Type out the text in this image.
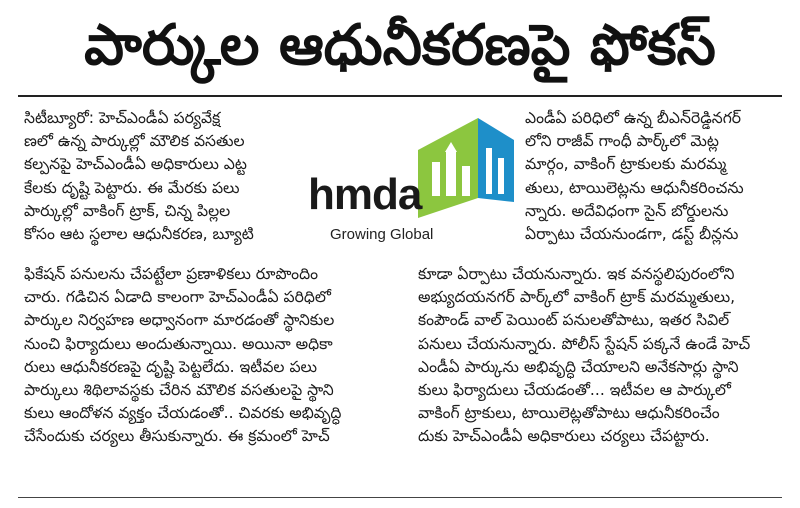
పార్కుల ఆధునీకరణపై ఫోకస్
సిటీబ్యూరో: హెచ్ఎండీఏ పర్యవేక్ష
ణలో ఉన్న పార్కుల్లో మౌలిక వసతుల
కల్పనపై హెచ్ఎండీఏ అధికారులు ఎట్ట
కేలకు దృష్టి పెట్టారు. ఈ మేరకు పలు
పార్కుల్లో వాకింగ్ ట్రాక్, చిన్న పిల్లల
కోసం ఆట స్థలాల ఆధునీకరణ, బ్యూటి
ఫికేషన్ పనులను చేపట్టేలా ప్రణాళికలు రూపొందిం
చారు. గడిచిన ఏడాది కాలంగా హెచ్ఎండీఏ పరిధిలో
పార్కుల నిర్వహణ అధ్వానంగా మారడంతో స్థానికుల
నుంచి ఫిర్యాదులు అందుతున్నాయి. అయినా అధికా
రులు ఆధునీకరణపై దృష్టి పెట్టలేదు. ఇటీవల పలు
పార్కులు శిథిలావస్థకు చేరిన మౌలిక వసతులపై స్థాని
కులు ఆందోళన వ్యక్తం చేయడంతో.. చివరకు అభివృద్ధి
చేసేందుకు చర్యలు తీసుకున్నారు. ఈ క్రమంలో హెచ్
ఎండీఏ పరిధిలో ఉన్న బీఎన్‌రెడ్డినగర్
లోని రాజీవ్ గాంధీ పార్క్‌లో మెట్ల
మార్గం, వాకింగ్ ట్రాకులకు మరమ్మ
తులు, టాయిలెట్లను ఆధునీకరించను
న్నారు. అదేవిధంగా సైన్ బోర్డులను
ఏర్పాటు చేయనుండగా, డస్ట్ బీన్లను
కూడా ఏర్పాటు చేయనున్నారు. ఇక వనస్థలిపురంలోని
అభ్యుదయనగర్ పార్క్‌లో వాకింగ్ ట్రాక్ మరమ్మతులు,
కంపౌండ్ వాల్ పెయింట్ పనులతోపాటు, ఇతర సివిల్
పనులు చేయనున్నారు. పోలీస్ స్టేషన్ పక్కనే ఉండే హెచ్
ఎండీఏ పార్కును అభివృద్ధి చేయాలని అనేకసార్లు స్థాని
కులు ఫిర్యాదులు చేయడంతో... ఇటీవల ఆ పార్కులో
వాకింగ్ ట్రాకులు, టాయిలెట్లతోపాటు ఆధునీకరించేం
దుకు హెచ్ఎండీఏ అధికారులు చర్యలు చేపట్టారు.
hmda
Growing Global
